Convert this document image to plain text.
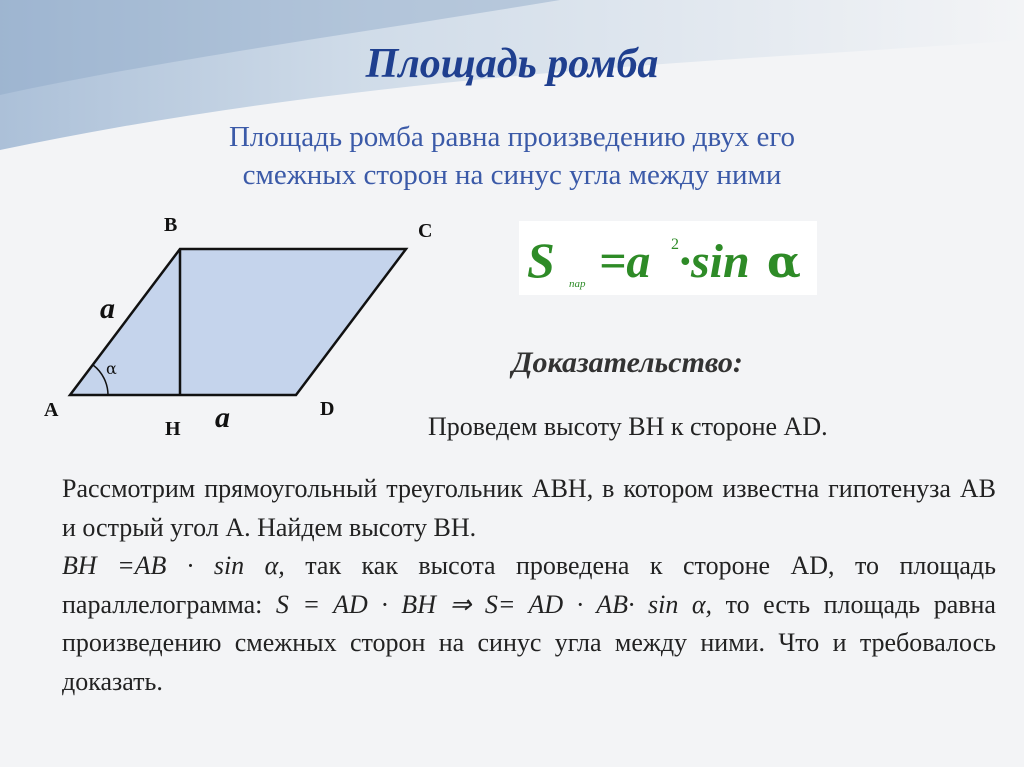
Площадь ромба
Площадь ромба равна произведению двух его
смежных сторон на синус угла между ними
B	C
A	D
H
a
a
α
S пар =a 2 ·sin α
Доказательство:
Проведем высоту ВН к стороне АD.

Рассмотрим прямоугольный треугольник АВН, в котором известна гипотенуза АВ и острый угол А. Найдем высоту ВН.
BH =AB · sin α, так как высота проведена к стороне AD, то площадь параллелограмма: S = AD · BH ⇒ S= AD · AB· sin α, то есть площадь равна произведению смежных сторон на синус угла между ними. Что и требовалось доказать.
